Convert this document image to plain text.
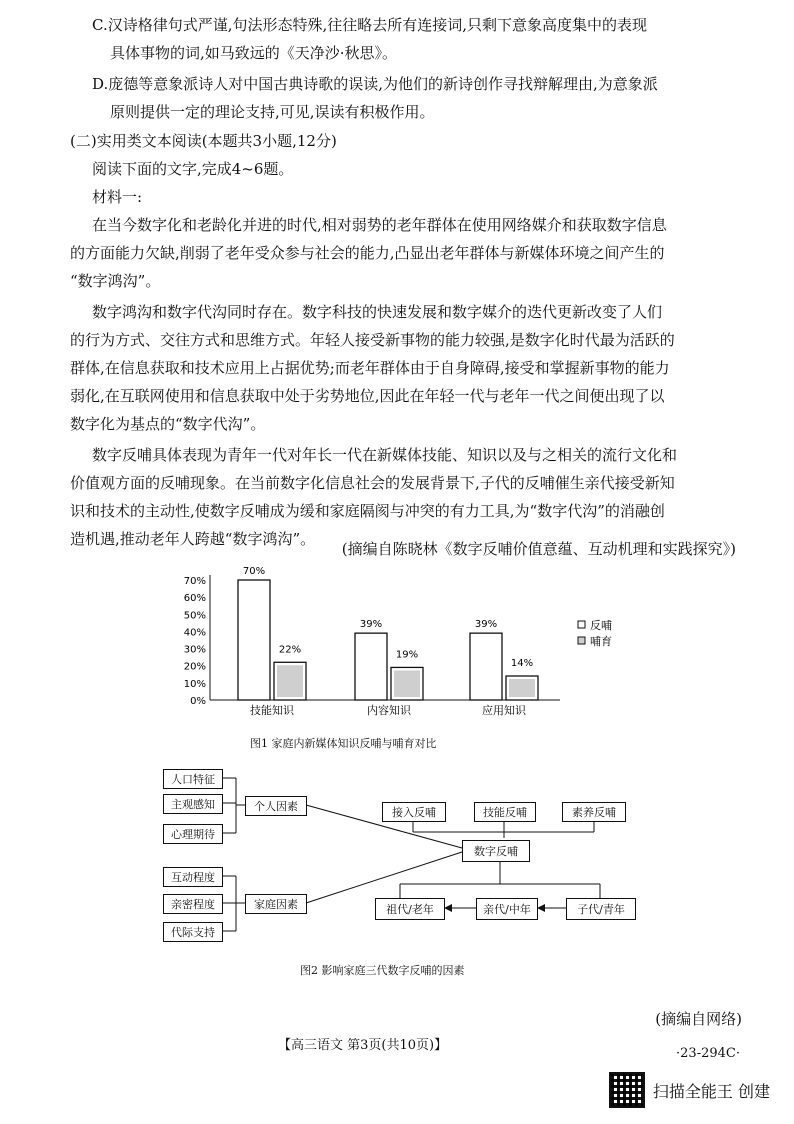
C.汉诗格律句式严谨,句法形态特殊,往往略去所有连接词,只剩下意象高度集中的表现
具体事物的词,如马致远的《天净沙·秋思》。
D.庞德等意象派诗人对中国古典诗歌的误读,为他们的新诗创作寻找辩解理由,为意象派
原则提供一定的理论支持,可见,误读有积极作用。
(二)实用类文本阅读(本题共3小题,12分)
阅读下面的文字,完成4~6题。
材料一:
在当今数字化和老龄化并进的时代,相对弱势的老年群体在使用网络媒介和获取数字信息
的方面能力欠缺,削弱了老年受众参与社会的能力,凸显出老年群体与新媒体环境之间产生的
“数字鸿沟”。
数字鸿沟和数字代沟同时存在。数字科技的快速发展和数字媒介的迭代更新改变了人们
的行为方式、交往方式和思维方式。年轻人接受新事物的能力较强,是数字化时代最为活跃的
群体,在信息获取和技术应用上占据优势;而老年群体由于自身障碍,接受和掌握新事物的能力
弱化,在互联网使用和信息获取中处于劣势地位,因此在年轻一代与老年一代之间便出现了以
数字化为基点的“数字代沟”。
数字反哺具体表现为青年一代对年长一代在新媒体技能、知识以及与之相关的流行文化和
价值观方面的反哺现象。在当前数字化信息社会的发展背景下,子代的反哺催生亲代接受新知
识和技术的主动性,使数字反哺成为缓和家庭隔阂与冲突的有力工具,为“数字代沟”的消融创
造机遇,推动老年人跨越“数字鸿沟”。
(摘编自陈晓林《数字反哺价值意蕴、互动机理和实践探究》)
0%
10%
20%
30%
40%
50%
60%
70%
70%
22%
技能知识
39%
19%
内容知识
39%
14%
应用知识
反哺
哺育
图1 家庭内新媒体知识反哺与哺育对比
人口特征
主观感知
心理期待
个人因素
互动程度
亲密程度
代际支持
家庭因素
接入反哺	技能反哺	素养反哺
数字反哺
祖代/老年	亲代/中年	子代/青年
图2 影响家庭三代数字反哺的因素
(摘编自网络)
【高三语文 第3页(共10页)】
·23-294C·
扫描全能王 创建
